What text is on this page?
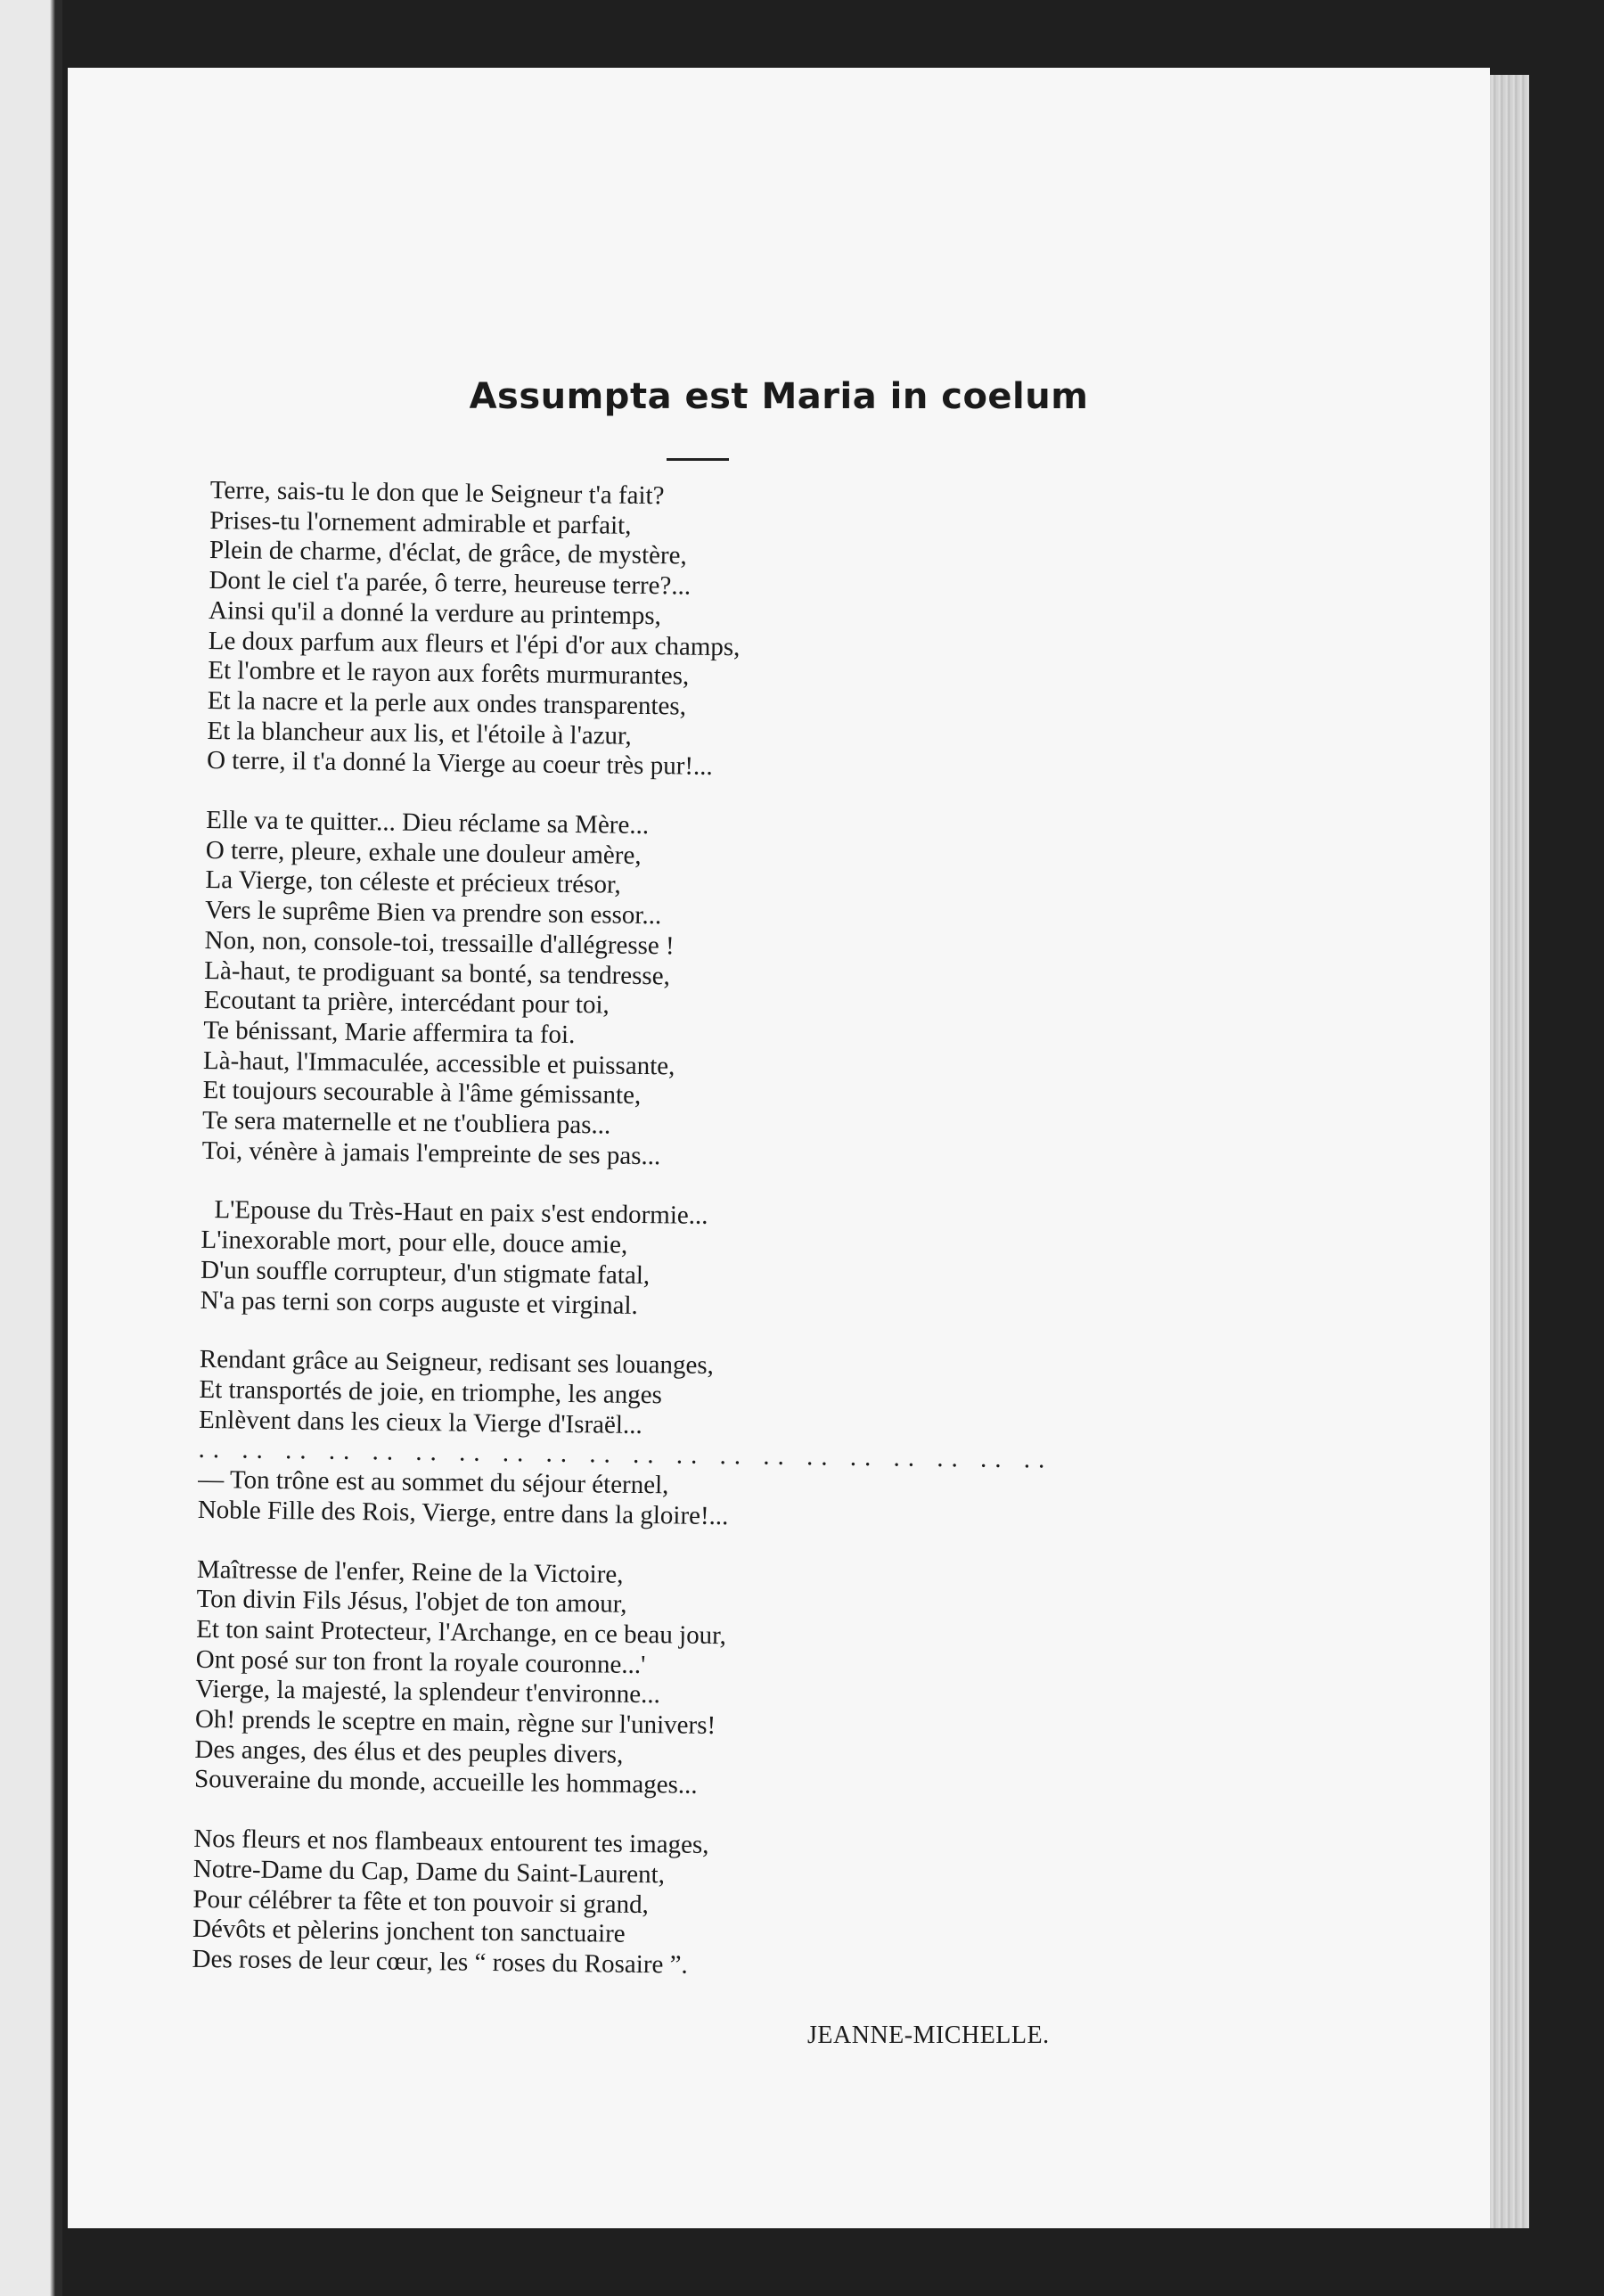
Assumpta est Maria in coelum
Terre, sais-tu le don que le Seigneur t'a fait?
Prises-tu l'ornement admirable et parfait,
Plein de charme, d'éclat, de grâce, de mystère,
Dont le ciel t'a parée, ô terre, heureuse terre?...
Ainsi qu'il a donné la verdure au printemps,
Le doux parfum aux fleurs et l'épi d'or aux champs,
Et l'ombre et le rayon aux forêts murmurantes,
Et la nacre et la perle aux ondes transparentes,
Et la blancheur aux lis, et l'étoile à l'azur,
O terre, il t'a donné la Vierge au coeur très pur!...
Elle va te quitter... Dieu réclame sa Mère...
O terre, pleure, exhale une douleur amère,
La Vierge, ton céleste et précieux trésor,
Vers le suprême Bien va prendre son essor...
Non, non, console-toi, tressaille d'allégresse !
Là-haut, te prodiguant sa bonté, sa tendresse,
Ecoutant ta prière, intercédant pour toi,
Te bénissant, Marie affermira ta foi.
Là-haut, l'Immaculée, accessible et puissante,
Et toujours secourable à l'âme gémissante,
Te sera maternelle et ne t'oubliera pas...
Toi, vénère à jamais l'empreinte de ses pas...
L'Epouse du Très-Haut en paix s'est endormie...
L'inexorable mort, pour elle, douce amie,
D'un souffle corrupteur, d'un stigmate fatal,
N'a pas terni son corps auguste et virginal.
Rendant grâce au Seigneur, redisant ses louanges,
Et transportés de joie, en triomphe, les anges
Enlèvent dans les cieux la Vierge d'Israël...
.. .. .. .. .. .. .. .. .. .. .. .. .. .. .. .. .. .. .. ..
— Ton trône est au sommet du séjour éternel,
Noble Fille des Rois, Vierge, entre dans la gloire!...
Maîtresse de l'enfer, Reine de la Victoire,
Ton divin Fils Jésus, l'objet de ton amour,
Et ton saint Protecteur, l'Archange, en ce beau jour,
Ont posé sur ton front la royale couronne...'
Vierge, la majesté, la splendeur t'environne...
Oh! prends le sceptre en main, règne sur l'univers!
Des anges, des élus et des peuples divers,
Souveraine du monde, accueille les hommages...
Nos fleurs et nos flambeaux entourent tes images,
Notre-Dame du Cap, Dame du Saint-Laurent,
Pour célébrer ta fête et ton pouvoir si grand,
Dévôts et pèlerins jonchent ton sanctuaire
Des roses de leur cœur, les “ roses du Rosaire ”.
JEANNE-MICHELLE.
